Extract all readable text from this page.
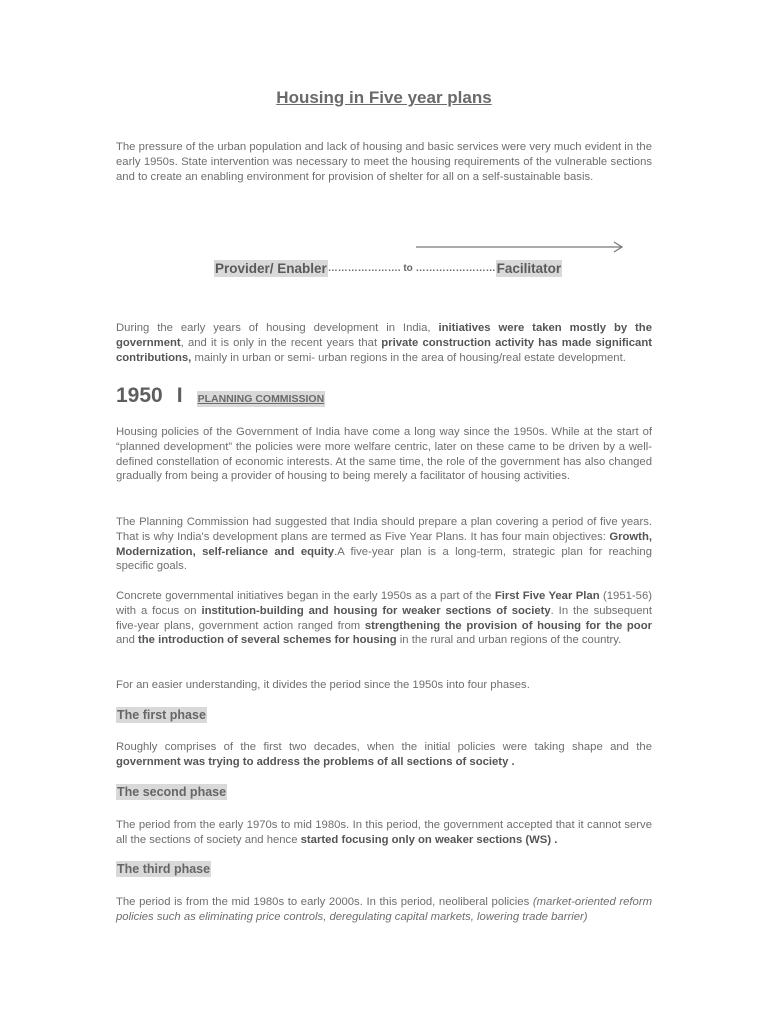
Housing in Five year plans

The pressure of the urban population and lack of housing and basic services were very much evident in the early 1950s. State intervention was necessary to meet the housing requirements of the vulnerable sections and to create an enabling environment for provision of shelter for all on a self-sustainable basis.

Provider/ Enabler …………………. to …………………… Facilitator

During the early years of housing development in India, initiatives were taken mostly by the government, and it is only in the recent years that private construction activity has made significant contributions, mainly in urban or semi- urban regions in the area of housing/real estate development.

1950 I PLANNING COMMISSION

Housing policies of the Government of India have come a long way since the 1950s. While at the start of “planned development” the policies were more welfare centric, later on these came to be driven by a well-defined constellation of economic interests. At the same time, the role of the government has also changed gradually from being a provider of housing to being merely a facilitator of housing activities.

The Planning Commission had suggested that India should prepare a plan covering a period of five years. That is why India's development plans are termed as Five Year Plans. It has four main objectives: Growth, Modernization, self-reliance and equity.A five-year plan is a long-term, strategic plan for reaching specific goals.

Concrete governmental initiatives began in the early 1950s as a part of the First Five Year Plan (1951-56) with a focus on institution-building and housing for weaker sections of society. In the subsequent five-year plans, government action ranged from strengthening the provision of housing for the poor and the introduction of several schemes for housing in the rural and urban regions of the country.

For an easier understanding, it divides the period since the 1950s into four phases.

The first phase

Roughly comprises of the first two decades, when the initial policies were taking shape and the government was trying to address the problems of all sections of society .

The second phase

The period from the early 1970s to mid 1980s. In this period, the government accepted that it cannot serve all the sections of society and hence started focusing only on weaker sections (WS) .

The third phase

The period is from the mid 1980s to early 2000s. In this period, neoliberal policies (market-oriented reform policies such as eliminating price controls, deregulating capital markets, lowering trade barrier)
